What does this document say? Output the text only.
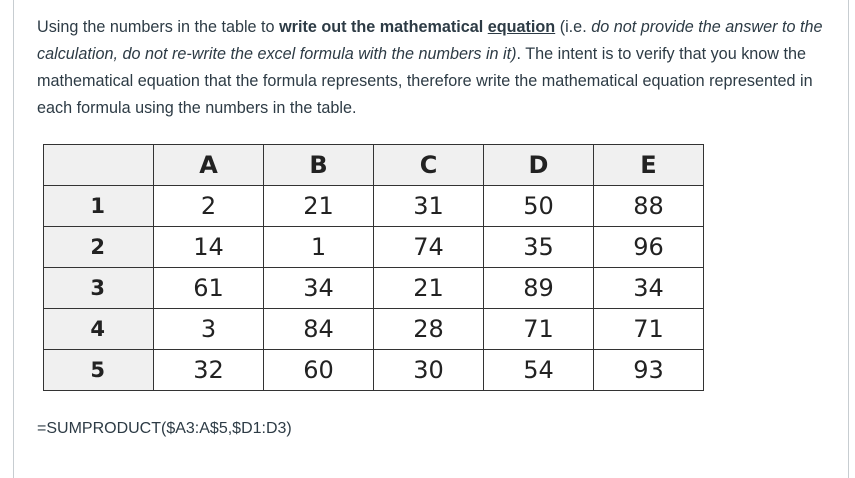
Using the numbers in the table to write out the mathematical equation (i.e. do not provide the answer to the calculation, do not re-write the excel formula with the numbers in it). The intent is to verify that you know the mathematical equation that the formula represents, therefore write the mathematical equation represented in each formula using the numbers in the table.
	A	B	C	D	E
1	2	21	31	50	88
2	14	1	74	35	96
3	61	34	21	89	34
4	3	84	28	71	71
5	32	60	30	54	93
=SUMPRODUCT($A3:A$5,$D1:D3)
